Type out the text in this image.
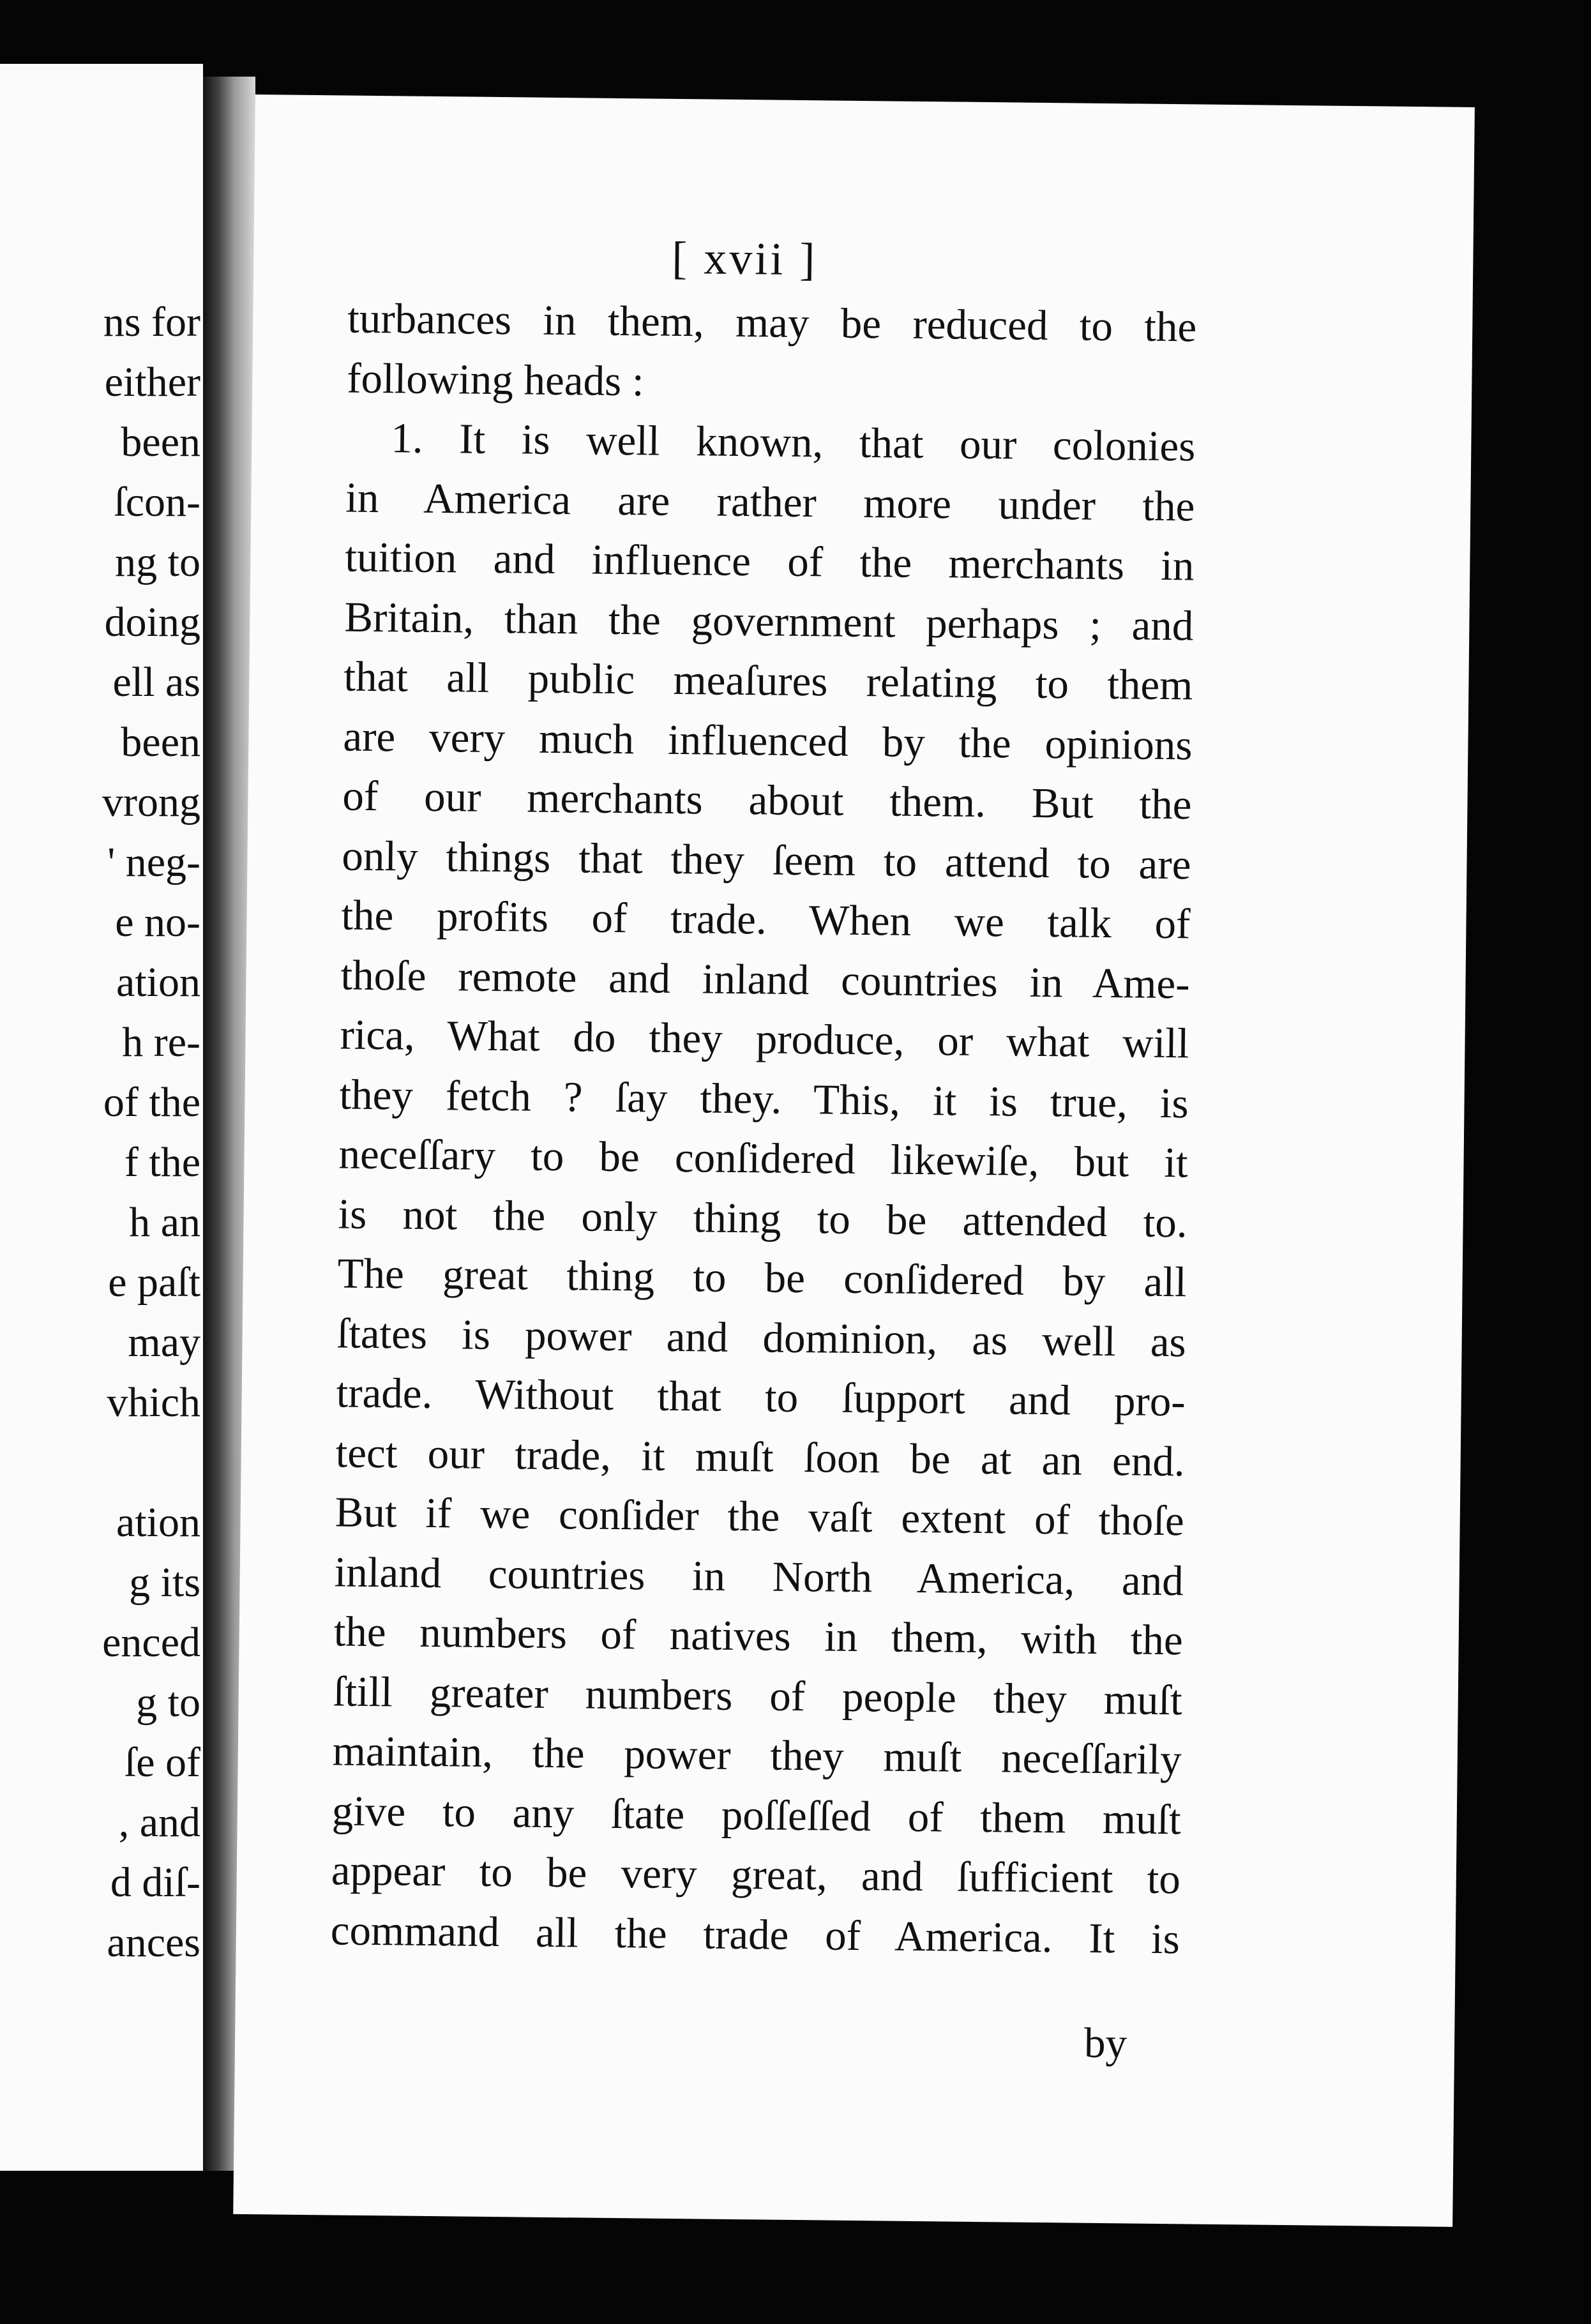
ns for
either
been
ſcon-
ng to
doing
ell as
been
vrong
' neg-
e no-
ation
h re-
of the
f the
h an
e paſt
may
vhich
ation
g its
enced
g to
ſe of
, and
d diſ-
ances
[ xvii ]
turbances in them, may be reduced to the
following heads :
1. It is well known, that our colonies
in America are rather more under the
tuition and influence of the merchants in
Britain, than the government perhaps ; and
that all public meaſures relating to them
are very much influenced by the opinions
of our merchants about them. But the
only things that they ſeem to attend to are
the profits of trade. When we talk of
thoſe remote and inland countries in Ame-
rica, What do they produce, or what will
they fetch ? ſay they. This, it is true, is
neceſſary to be conſidered likewiſe, but it
is not the only thing to be attended to.
The great thing to be conſidered by all
ſtates is power and dominion, as well as
trade. Without that to ſupport and pro-
tect our trade, it muſt ſoon be at an end.
But if we conſider the vaſt extent of thoſe
inland countries in North America, and
the numbers of natives in them, with the
ſtill greater numbers of people they muſt
maintain, the power they muſt neceſſarily
give to any ſtate poſſeſſed of them muſt
appear to be very great, and ſufficient to
command all the trade of America. It is
by
